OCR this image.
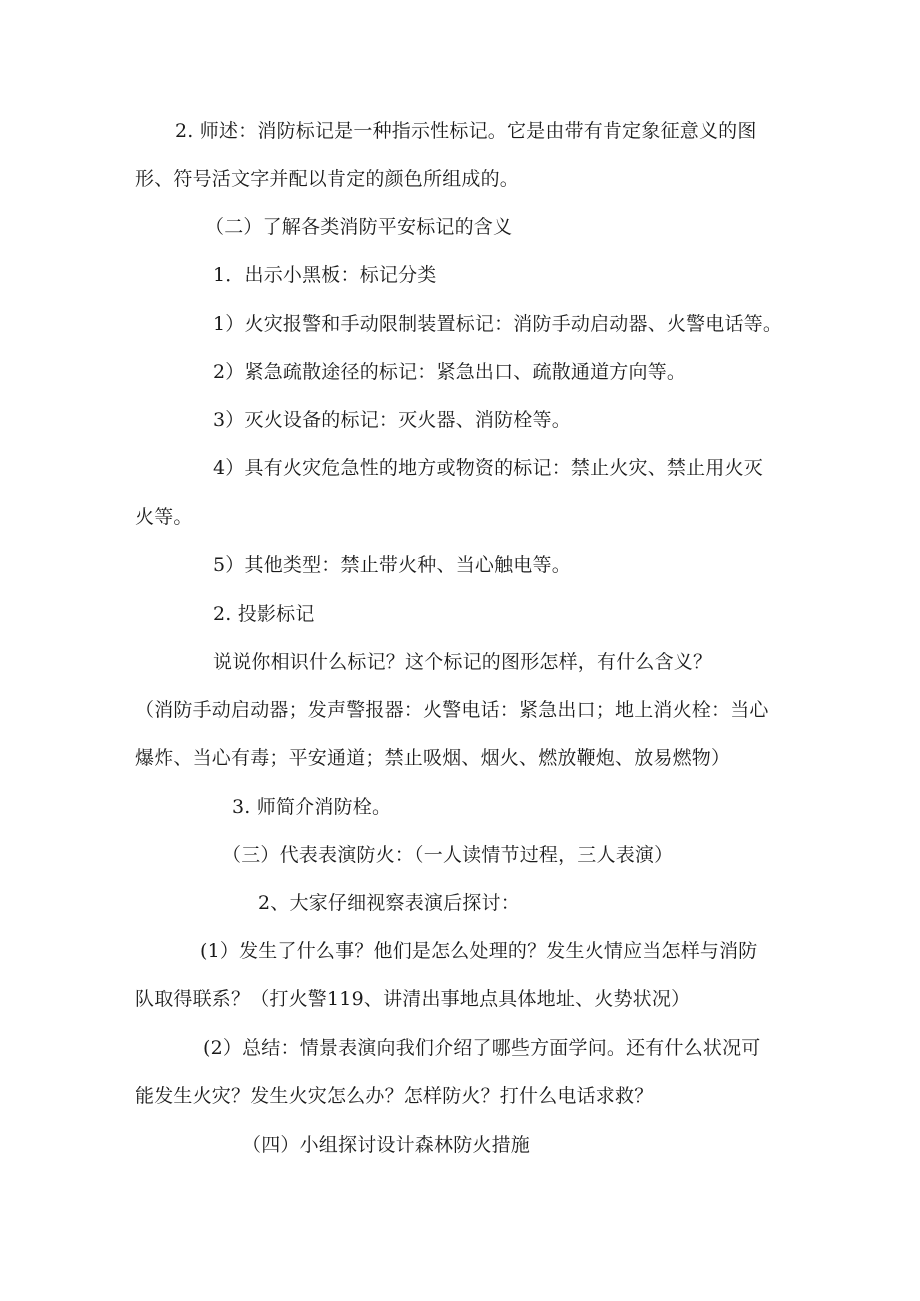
2. 师述：消防标记是一种指示性标记。它是由带有肯定象征意义的图
形、符号活文字并配以肯定的颜色所组成的。
（二）了解各类消防平安标记的含义
1．出示小黑板：标记分类
1）火灾报警和手动限制装置标记：消防手动启动器、火警电话等。
2）紧急疏散途径的标记：紧急出口、疏散通道方向等。
3）灭火设备的标记：灭火器、消防栓等。
4）具有火灾危急性的地方或物资的标记：禁止火灾、禁止用火灭
火等。
5）其他类型：禁止带火种、当心触电等。
2. 投影标记
说说你相识什么标记？这个标记的图形怎样，有什么含义？
（消防手动启动器；发声警报器：火警电话：紧急出口；地上消火栓：当心
爆炸、当心有毒；平安通道；禁止吸烟、烟火、燃放鞭炮、放易燃物）
3. 师简介消防栓。
（三）代表表演防火：（一人读情节过程，三人表演）
2、大家仔细视察表演后探讨：
(1）发生了什么事？他们是怎么处理的？发生火情应当怎样与消防
队取得联系？（打火警119、讲清出事地点具体地址、火势状况）
(2）总结：情景表演向我们介绍了哪些方面学问。还有什么状况可
能发生火灾？发生火灾怎么办？怎样防火？打什么电话求救？
（四）小组探讨设计森林防火措施
